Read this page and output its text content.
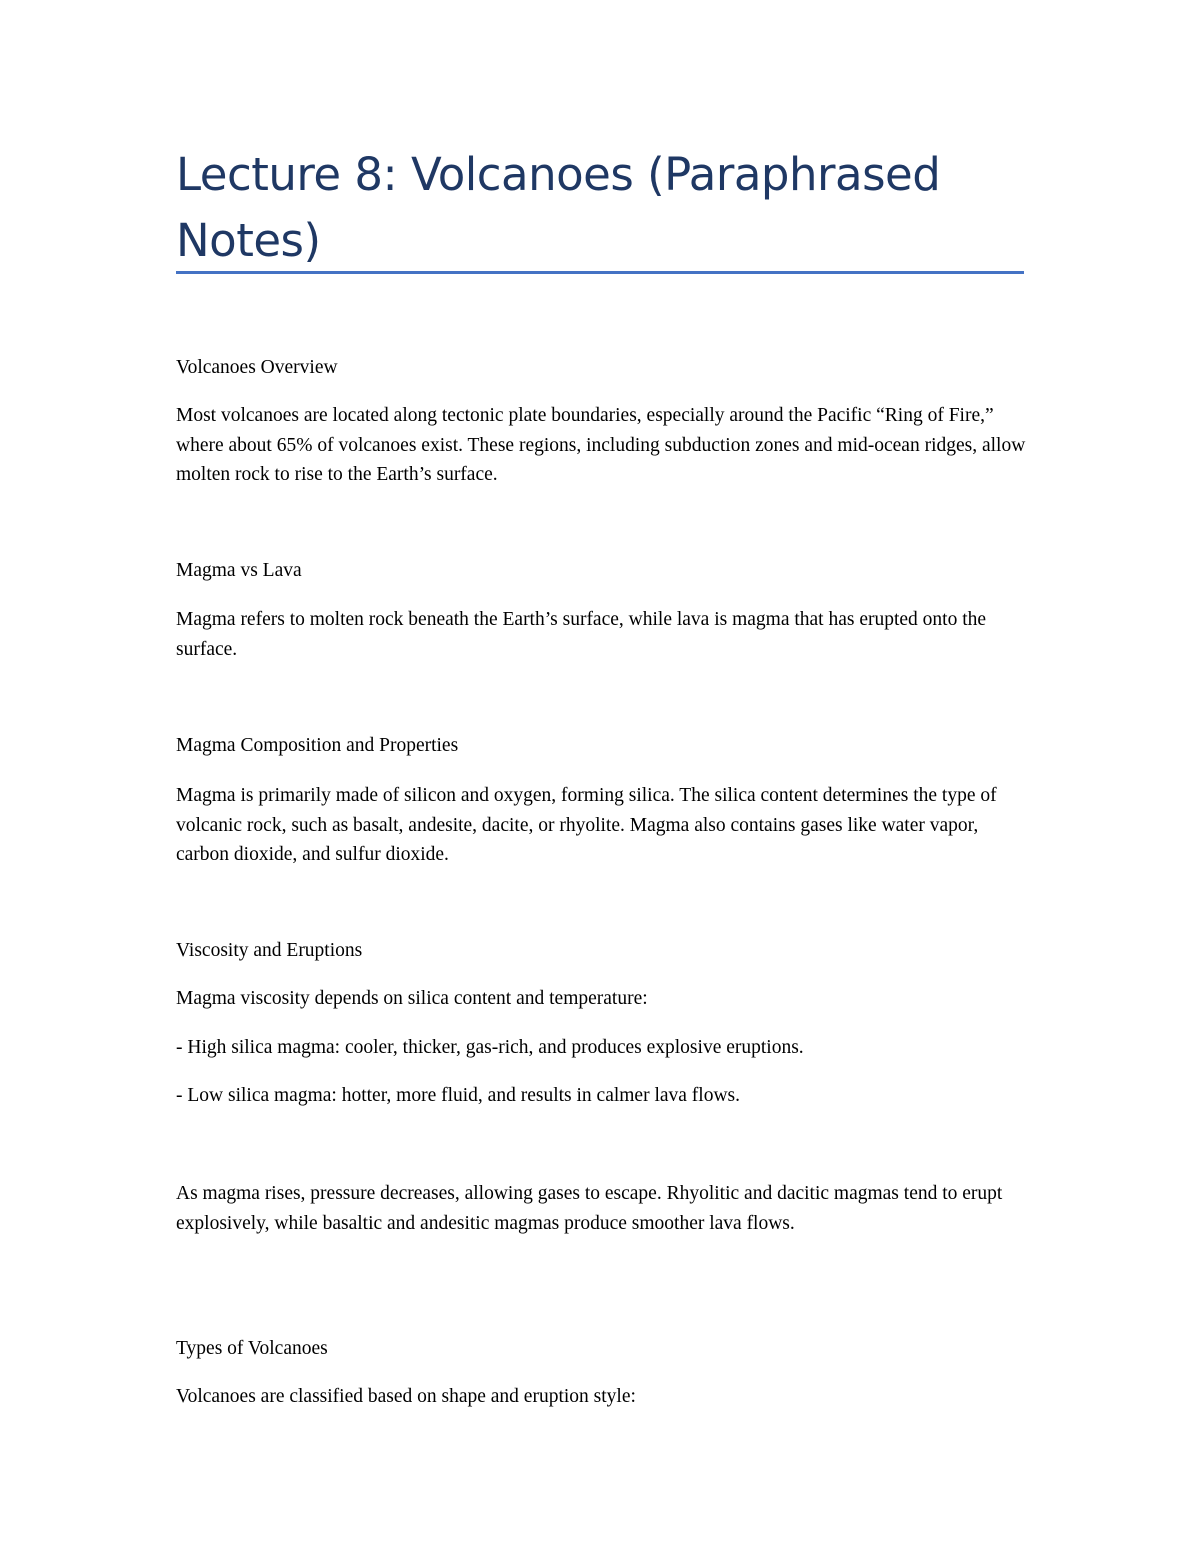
Lecture 8: Volcanoes (Paraphrased Notes)

Volcanoes Overview

Most volcanoes are located along tectonic plate boundaries, especially around the Pacific “Ring of Fire,” where about 65% of volcanoes exist. These regions, including subduction zones and mid-ocean ridges, allow molten rock to rise to the Earth’s surface.

Magma vs Lava

Magma refers to molten rock beneath the Earth’s surface, while lava is magma that has erupted onto the surface.

Magma Composition and Properties

Magma is primarily made of silicon and oxygen, forming silica. The silica content determines the type of volcanic rock, such as basalt, andesite, dacite, or rhyolite. Magma also contains gases like water vapor, carbon dioxide, and sulfur dioxide.

Viscosity and Eruptions

Magma viscosity depends on silica content and temperature:

- High silica magma: cooler, thicker, gas-rich, and produces explosive eruptions.

- Low silica magma: hotter, more fluid, and results in calmer lava flows.

As magma rises, pressure decreases, allowing gases to escape. Rhyolitic and dacitic magmas tend to erupt explosively, while basaltic and andesitic magmas produce smoother lava flows.

Types of Volcanoes

Volcanoes are classified based on shape and eruption style:
